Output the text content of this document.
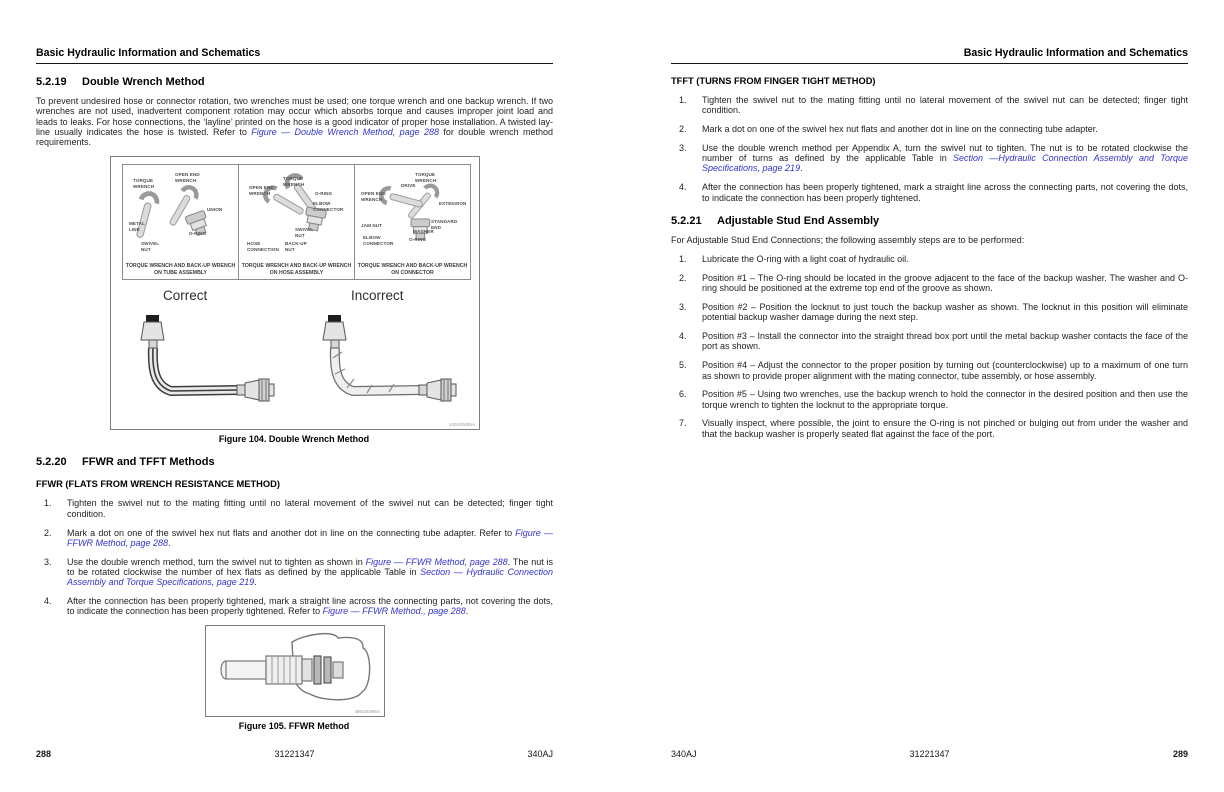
Basic Hydraulic Information and Schematics
5.2.19	Double Wrench Method

To prevent undesired hose or connector rotation, two wrenches must be used; one torque wrench and one backup wrench. If two wrenches are not used, inadvertent component rotation may occur which absorbs torque and causes improper joint load and leads to leaks. For hose connections, the ‘layline’ printed on the hose is a good indicator of proper hose installation. A twisted lay-line usually indicates the hose is twisted. Refer to Figure — Double Wrench Method, page 288 for double wrench method requirements.

TORQUE WRENCH
OPEN END WRENCH
UNION
METAL LINE
O-RING
SWIVEL NUT
TORQUE WRENCH AND BACK-UP WRENCH ON TUBE ASSEMBLY
TORQUE WRENCH
OPEN END WRENCH	O-RING
ELBOW CONNECTOR
SWIVEL NUT
HOSE CONNECTION
BACK-UP NUT
TORQUE WRENCH AND BACK-UP WRENCH ON HOSE ASSEMBLY
TORQUE WRENCH
DRIVE
OPEN END WRENCH
EXTENSION
JAM NUT
STANDARD END
WASHER
O-RING
ELBOW CONNECTOR
TORQUE WRENCH AND BACK-UP WRENCH ON CONNECTOR
Correct	Incorrect
1001004B9A
Figure 104. Double Wrench Method
5.2.20	FFWR and TFFT Methods
FFWR (FLATS FROM WRENCH RESISTANCE METHOD)
1.	Tighten the swivel nut to the mating fitting until no lateral movement of the swivel nut can be detected; finger tight condition.
2.	Mark a dot on one of the swivel hex nut flats and another dot in line on the connecting tube adapter. Refer to Figure — FFWR Method, page 288.
3.	Use the double wrench method, turn the swivel nut to tighten as shown in Figure — FFWR Method, page 288. The nut is to be rotated clockwise the number of hex flats as defined by the applicable Table in Section — Hydraulic Connection Assembly and Torque Specifications, page 219.
4.	After the connection has been properly tightened, mark a straight line across the connecting parts, not covering the dots, to indicate the connection has been properly tightened. Refer to Figure — FFWR Method., page 288.
BM100466A
Figure 105. FFWR Method
288	31221347	340AJ
Basic Hydraulic Information and Schematics
TFFT (TURNS FROM FINGER TIGHT METHOD)
1.	Tighten the swivel nut to the mating fitting until no lateral movement of the swivel nut can be detected; finger tight condition.
2.	Mark a dot on one of the swivel hex nut flats and another dot in line on the connecting tube adapter.
3.	Use the double wrench method per Appendix A, turn the swivel nut to tighten. The nut is to be rotated clockwise the number of turns as defined by the applicable Table in Section —Hydraulic Connection Assembly and Torque Specifications, page 219.
4.	After the connection has been properly tightened, mark a straight line across the connecting parts, not covering the dots, to indicate the connection has been properly tightened.
5.2.21	Adjustable Stud End Assembly

For Adjustable Stud End Connections; the following assembly steps are to be performed:

1.	Lubricate the O-ring with a light coat of hydraulic oil.
2.	Position #1 – The O-ring should be located in the groove adjacent to the face of the backup washer. The washer and O-ring should be positioned at the extreme top end of the groove as shown.
3.	Position #2 – Position the locknut to just touch the backup washer as shown. The locknut in this position will eliminate potential backup washer damage during the next step.
4.	Position #3 – Install the connector into the straight thread box port until the metal backup washer contacts the face of the port as shown.
5.	Position #4 – Adjust the connector to the proper position by turning out (counterclockwise) up to a maximum of one turn as shown to provide proper alignment with the mating connector, tube assembly, or hose assembly.
6.	Position #5 – Using two wrenches, use the backup wrench to hold the connector in the desired position and then use the torque wrench to tighten the locknut to the appropriate torque.
7.	Visually inspect, where possible, the joint to ensure the O-ring is not pinched or bulging out from under the washer and that the backup washer is properly seated flat against the face of the port.
340AJ	31221347	289
